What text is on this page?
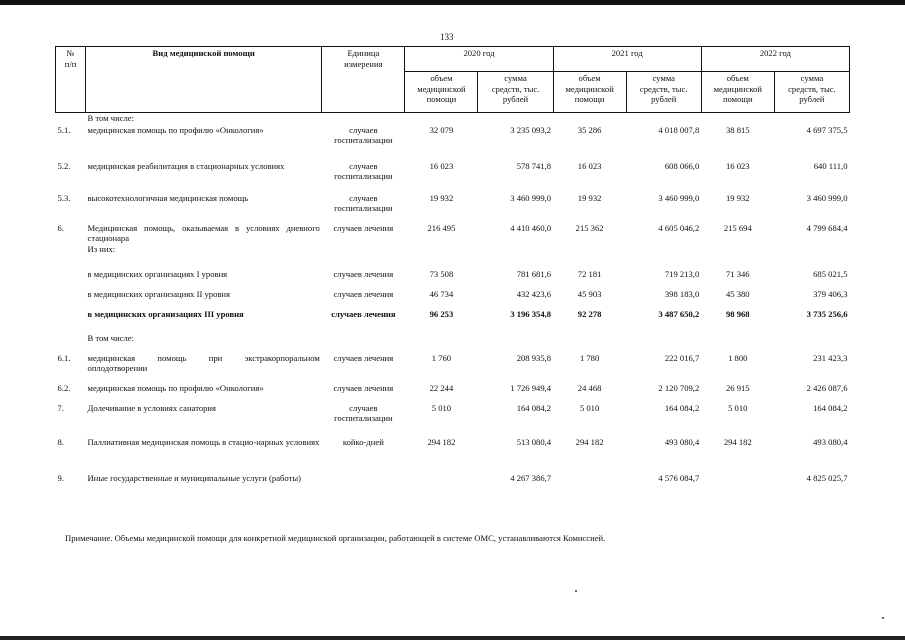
133
№
п/п	Вид медицинской помощи	Единица
измерения	2020 год		2021 год		2022 год	
			объем
медицинской
помощи	сумма
средств, тыс.
рублей	объем
медицинской
помощи	сумма
средств, тыс.
рублей	объем
медицинской
помощи	сумма
средств, тыс.
рублей
	В том числе:							
5.1.	медицинская помощь по профилю «Онкология»	случаев
госпитализации	32 079	3 235 093,2	35 286	4 018 007,8	38 815	4 697 375,5
5.2.	медицинская реабилитация в стационарных условиях	случаев
госпитализации	16 023	578 741,8	16 023	608 066,0	16 023	640 111,0
5.3.	высокотехнологичная медицинская помощь	случаев
госпитализации	19 932	3 460 999,0	19 932	3 460 999,0	19 932	3 460 999,0
6.	Медицинская помощь, оказываемая в условиях дневного стационара
Из них:	случаев лечения	216 495	4 410 460,0	215 362	4 605 046,2	215 694	4 799 684,4
	в медицинских организациях I уровня	случаев лечения	73 508	781 681,6	72 181	719 213,0	71 346	685 021,5
	в медицинских организациях II уровня	случаев лечения	46 734	432 423,6	45 903	398 183,0	45 380	379 406,3
	в медицинских организациях III уровня	случаев лечения	96 253	3 196 354,8	92 278	3 487 650,2	98 968	3 735 256,6
	В том числе:							
6.1.	медицинская помощь при экстракорпоральном оплодотворении	случаев лечения	1 760	208 935,8	1 780	222 016,7	1 800	231 423,3
6.2.	медицинская помощь по профилю «Онкология»	случаев лечения	22 244	1 726 949,4	24 468	2 120 709,2	26 915	2 426 087,6
7.	Долечивание в условиях санатория	случаев
госпитализации	5 010	164 084,2	5 010	164 084,2	5 010	164 084,2
8.	Паллиативная медицинская помощь в стацио-нарных условиях	койко-дней	294 182	513 080,4	294 182	493 080,4	294 182	493 080,4
9.	Иные государственные и муниципальные услуги (работы)			4 267 386,7		4 576 084,7		4 825 025,7
Примечание. Объемы медицинской помощи для конкретной медицинской организации, работающей в системе ОМС, устанавливаются Комиссией.
